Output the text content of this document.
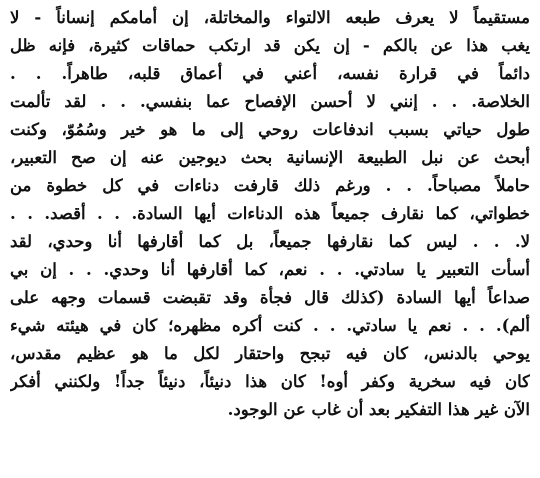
مستقيماً لا يعرف طبعه الالتواء والمخاتلة، إن أمامكم إنساناً - لا
يغب هذا عن بالكم - إن يكن قد ارتكب حماقات كثيرة، فإنه ظل
دائماً في قرارة نفسه، أعني في أعماق قلبه، طاهراً. . .
الخلاصة. . . إنني لا أحسن الإفصاح عما بنفسي. . . لقد تألمت
طول حياتي بسبب اندفاعات روحي إلى ما هو خير وسُمُوّ، وكنت
أبحث عن نبل الطبيعة الإنسانية بحث ديوجين عنه إن صح التعبير،
حاملاً مصباحاً. . . ورغم ذلك قارفت دناءات في كل خطوة من
خطواتي، كما نقارف جميعاً هذه الدناءات أيها السادة. . . أقصد. . .
لا. . . ليس كما نقارفها جميعاً، بل كما أقارفها أنا وحدي، لقد
أسأت التعبير يا سادتي. . . نعم، كما أقارفها أنا وحدي. . . إن بي
صداعاً أيها السادة (كذلك قال فجأة وقد تقبضت قسمات وجهه على
ألم). . . نعم يا سادتي. . . كنت أكره مظهره؛ كان في هيئته شيء
يوحي بالدنس، كان فيه تبجح واحتقار لكل ما هو عظيم مقدس،
كان فيه سخرية وكفر أوه! كان هذا دنيئاً، دنيئاً جداً! ولكنني أفكر
الآن غير هذا التفكير بعد أن غاب عن الوجود.
